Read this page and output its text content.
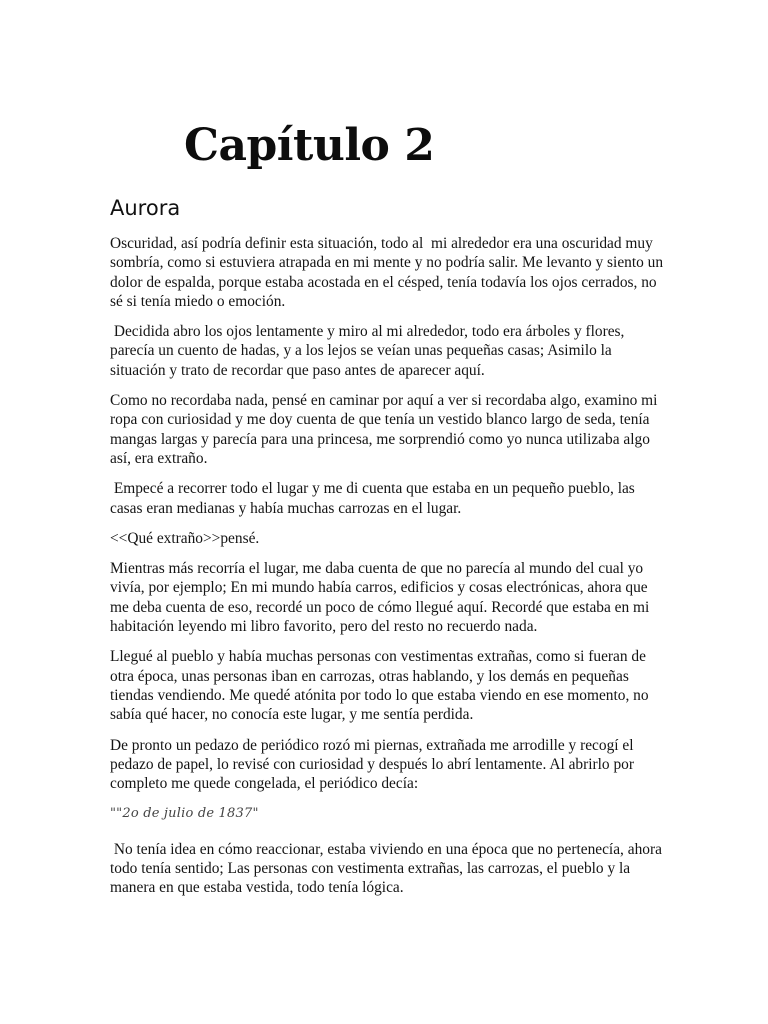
Capítulo 2
Aurora

Oscuridad, así podría definir esta situación, todo al  mi alrededor era una oscuridad muy sombría, como si estuviera atrapada en mi mente y no podría salir. Me levanto y siento un dolor de espalda, porque estaba acostada en el césped, tenía todavía los ojos cerrados, no sé si tenía miedo o emoción.

Decidida abro los ojos lentamente y miro al mi alrededor, todo era árboles y flores, parecía un cuento de hadas, y a los lejos se veían unas pequeñas casas; Asimilo la situación y trato de recordar que paso antes de aparecer aquí.

Como no recordaba nada, pensé en caminar por aquí a ver si recordaba algo, examino mi ropa con curiosidad y me doy cuenta de que tenía un vestido blanco largo de seda, tenía mangas largas y parecía para una princesa, me sorprendió como yo nunca utilizaba algo así, era extraño.

Empecé a recorrer todo el lugar y me di cuenta que estaba en un pequeño pueblo, las casas eran medianas y había muchas carrozas en el lugar.

<<Qué extraño>>pensé.

Mientras más recorría el lugar, me daba cuenta de que no parecía al mundo del cual yo vivía, por ejemplo; En mi mundo había carros, edificios y cosas electrónicas, ahora que me deba cuenta de eso, recordé un poco de cómo llegué aquí. Recordé que estaba en mi habitación leyendo mi libro favorito, pero del resto no recuerdo nada.

Llegué al pueblo y había muchas personas con vestimentas extrañas, como si fueran de otra época, unas personas iban en carrozas, otras hablando, y los demás en pequeñas tiendas vendiendo. Me quedé atónita por todo lo que estaba viendo en ese momento, no sabía qué hacer, no conocía este lugar, y me sentía perdida.

De pronto un pedazo de periódico rozó mi piernas, extrañada me arrodille y recogí el pedazo de papel, lo revisé con curiosidad y después lo abrí lentamente. Al abrirlo por completo me quede congelada, el periódico decía:

""2o de julio de 1837"

No tenía idea en cómo reaccionar, estaba viviendo en una época que no pertenecía, ahora todo tenía sentido; Las personas con vestimenta extrañas, las carrozas, el pueblo y la manera en que estaba vestida, todo tenía lógica.
